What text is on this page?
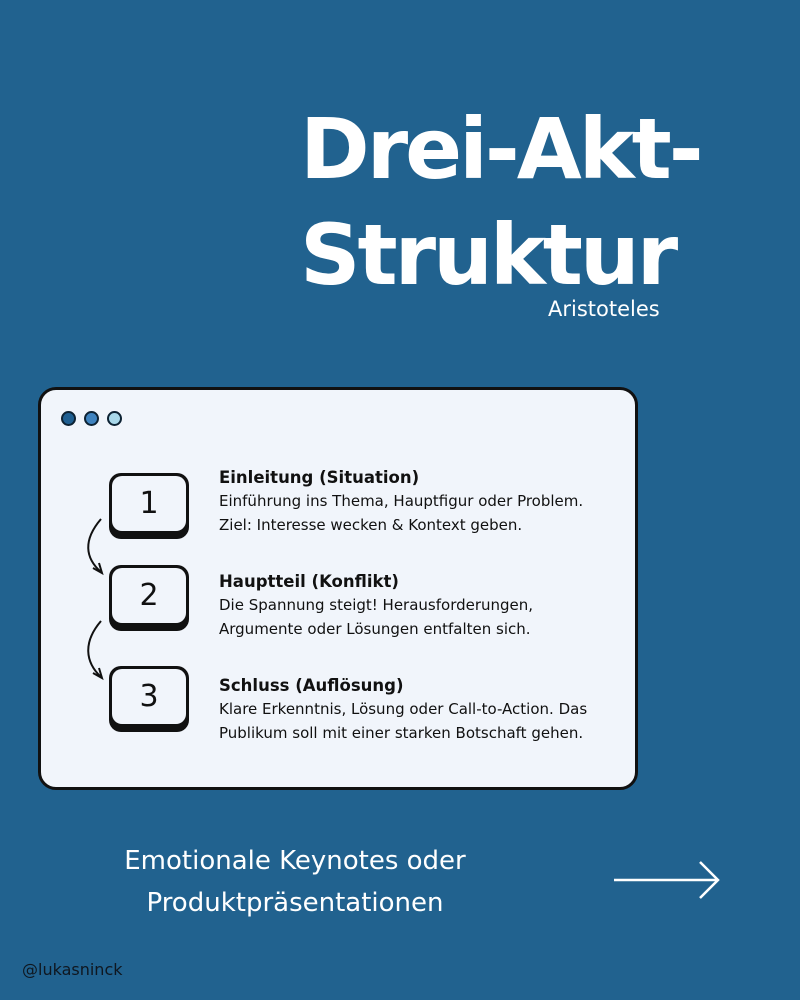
Drei-Akt-
Struktur
Aristoteles
1
2
3
Einleitung (Situation)
Einführung ins Thema, Hauptfigur oder Problem.
Ziel: Interesse wecken & Kontext geben.
Hauptteil (Konflikt)
Die Spannung steigt! Herausforderungen,
Argumente oder Lösungen entfalten sich.
Schluss (Auflösung)
Klare Erkenntnis, Lösung oder Call-to-Action. Das
Publikum soll mit einer starken Botschaft gehen.
Emotionale Keynotes oder
Produktpräsentationen
@lukasninck
